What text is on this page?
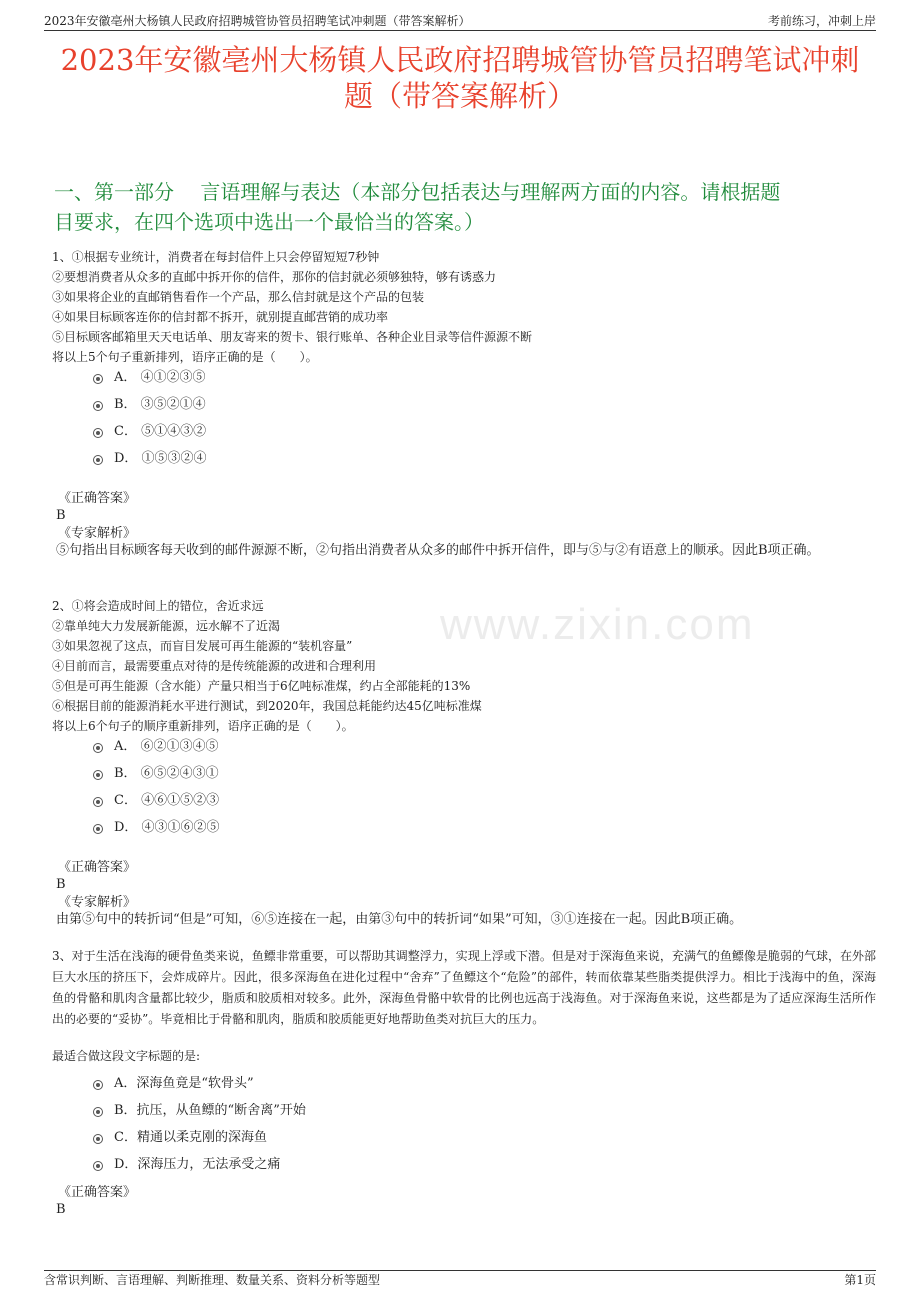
2023年安徽亳州大杨镇人民政府招聘城管协管员招聘笔试冲刺题（带答案解析）	考前练习，冲刺上岸
2023年安徽亳州大杨镇人民政府招聘城管协管员招聘笔试冲刺
题（带答案解析）
一、第一部分　 言语理解与表达（本部分包括表达与理解两方面的内容。请根据题
目要求，在四个选项中选出一个最恰当的答案。）
www.zixin.com
1、①根据专业统计，消费者在每封信件上只会停留短短7秒钟
②要想消费者从众多的直邮中拆开你的信件，那你的信封就必须够独特，够有诱惑力
③如果将企业的直邮销售看作一个产品，那么信封就是这个产品的包装
④如果目标顾客连你的信封都不拆开，就别提直邮营销的成功率
⑤目标顾客邮箱里天天电话单、朋友寄来的贺卡、银行账单、各种企业目录等信件源源不断
将以上5个句子重新排列，语序正确的是（　　）。
A． ④①②③⑤
B． ③⑤②①④
C． ⑤①④③②
D． ①⑤③②④
《正确答案》
B
《专家解析》
⑤句指出目标顾客每天收到的邮件源源不断，②句指出消费者从众多的邮件中拆开信件，即与⑤与②有语意上的顺承。因此B项正确。
2、①将会造成时间上的错位，舍近求远
②靠单纯大力发展新能源，远水解不了近渴
③如果忽视了这点，而盲目发展可再生能源的“装机容量”
④目前而言，最需要重点对待的是传统能源的改进和合理利用
⑤但是可再生能源（含水能）产量只相当于6亿吨标准煤，约占全部能耗的13%
⑥根据目前的能源消耗水平进行测试，到2020年，我国总耗能约达45亿吨标准煤
将以上6个句子的顺序重新排列，语序正确的是（　　）。
A． ⑥②①③④⑤
B． ⑥⑤②④③①
C． ④⑥①⑤②③
D． ④③①⑥②⑤
《正确答案》
B
《专家解析》
由第⑤句中的转折词“但是”可知，⑥⑤连接在一起，由第③句中的转折词“如果”可知，③①连接在一起。因此B项正确。
3、对于生活在浅海的硬骨鱼类来说，鱼鳔非常重要，可以帮助其调整浮力，实现上浮或下潜。但是对于深海鱼来说，充满气的鱼鳔像是脆弱的气球，在外部巨大水压的挤压下，会炸成碎片。因此，很多深海鱼在进化过程中“舍弃”了鱼鳔这个“危险”的部件，转而依靠某些脂类提供浮力。相比于浅海中的鱼，深海鱼的骨骼和肌肉含量都比较少，脂质和胶质相对较多。此外，深海鱼骨骼中软骨的比例也远高于浅海鱼。对于深海鱼来说，这些都是为了适应深海生活所作出的必要的“妥协”。毕竟相比于骨骼和肌肉，脂质和胶质能更好地帮助鱼类对抗巨大的压力。
最适合做这段文字标题的是:
A．深海鱼竟是“软骨头”
B．抗压，从鱼鳔的“断舍离”开始
C．精通以柔克刚的深海鱼
D．深海压力，无法承受之痛
《正确答案》
B
含常识判断、言语理解、判断推理、数量关系、资料分析等题型	第1页
